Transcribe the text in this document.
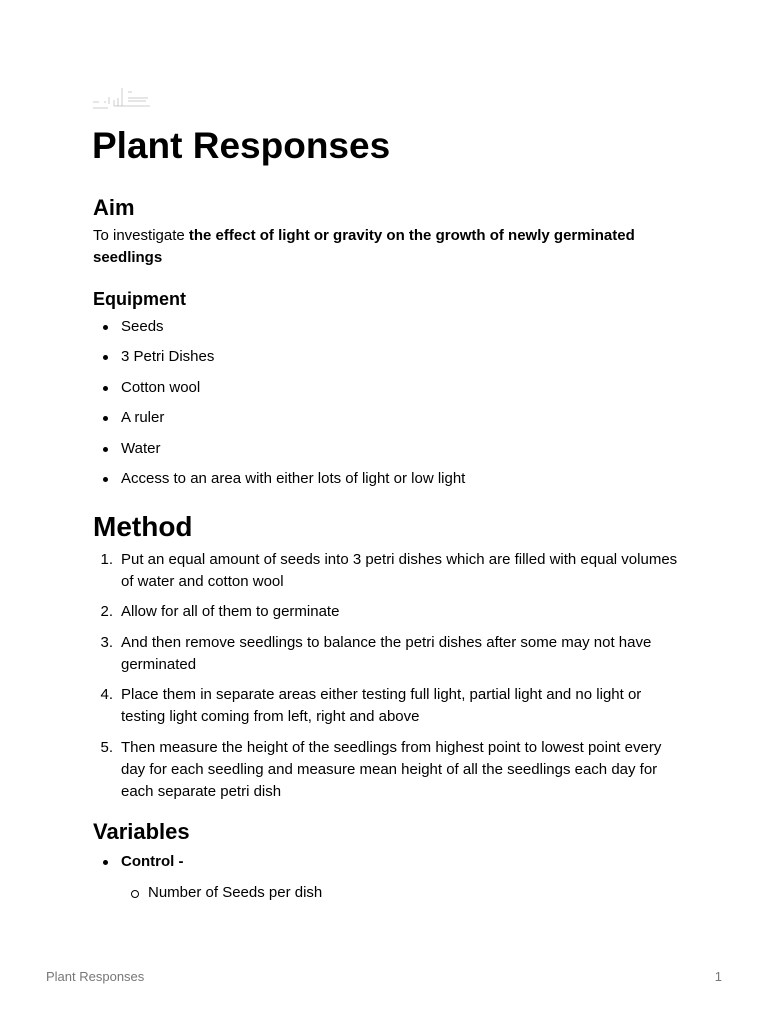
Plant Responses
Aim

To investigate the effect of light or gravity on the growth of newly germinated seedlings

Equipment
Seeds
3 Petri Dishes
Cotton wool
A ruler
Water
Access to an area with either lots of light or low light
Method
1. Put an equal amount of seeds into 3 petri dishes which are filled with equal volumes of water and cotton wool
2. Allow for all of them to germinate
3. And then remove seedlings to balance the petri dishes after some may not have germinated
4. Place them in separate areas either testing full light, partial light and no light or testing light coming from left, right and above
5. Then measure the height of the seedlings from highest point to lowest point every day for each seedling and measure mean height of all the seedlings each day for each separate petri dish
Variables
Control -
Number of Seeds per dish
Plant Responses	1
